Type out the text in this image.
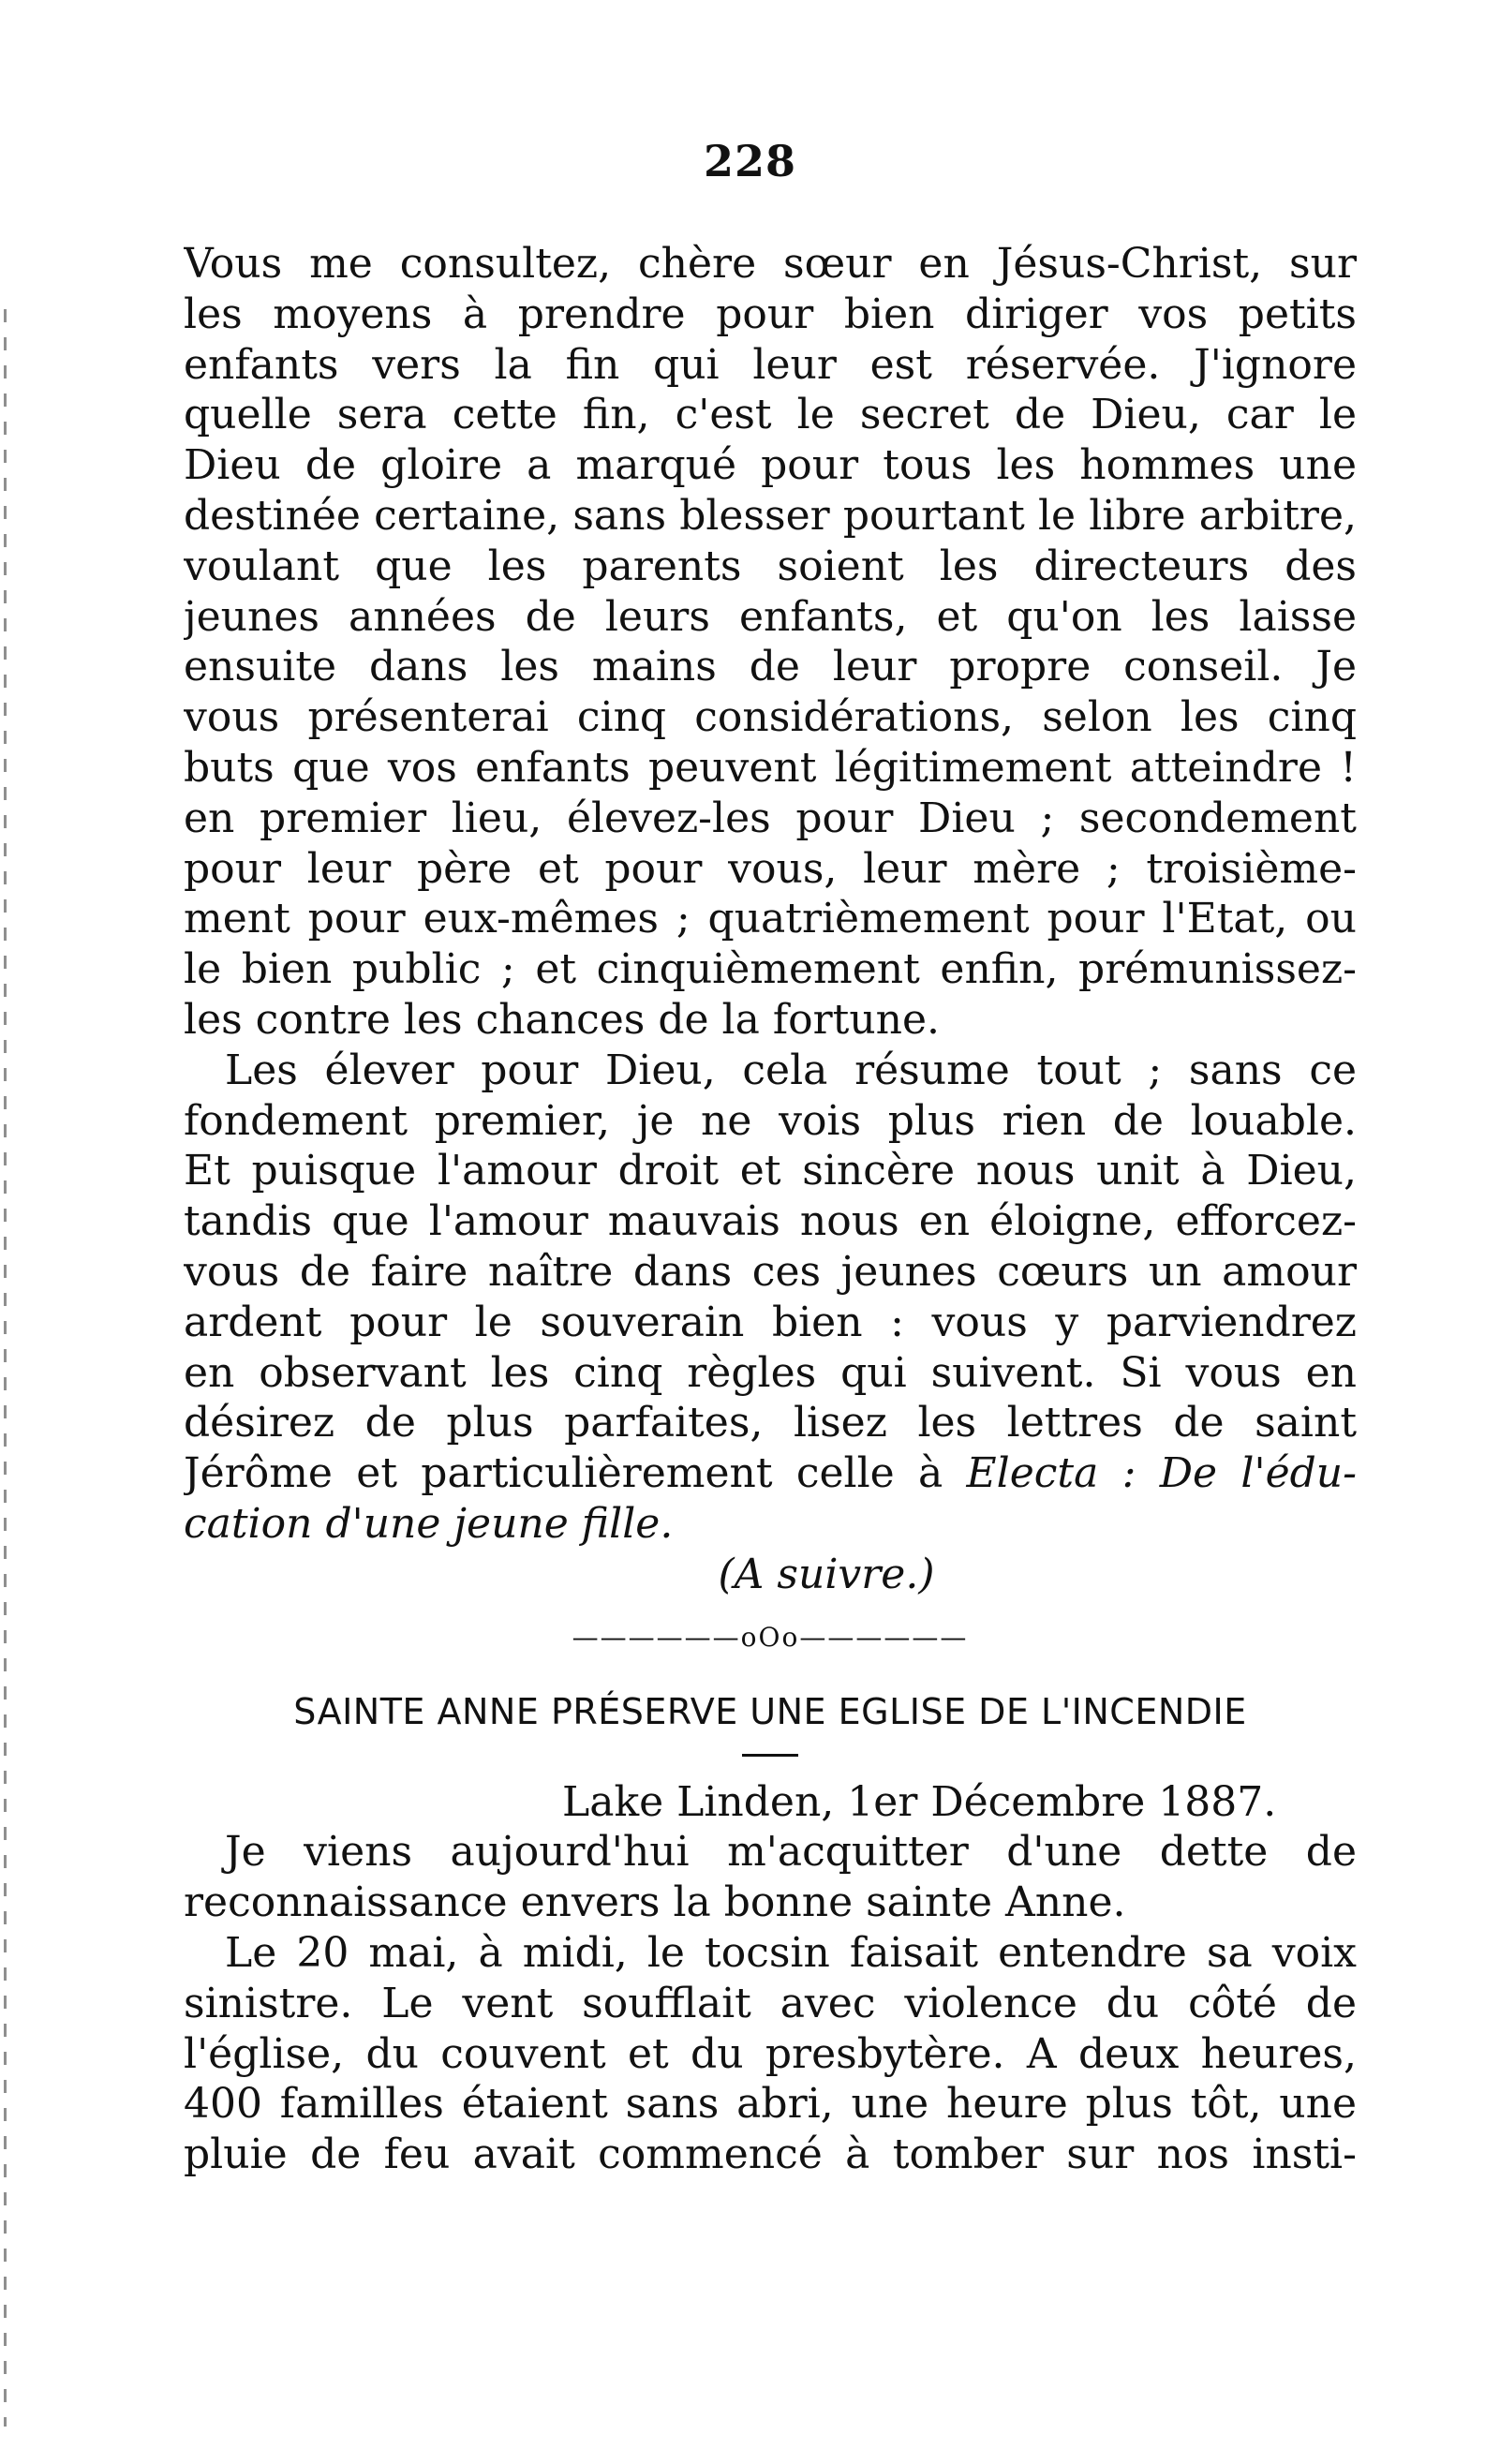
228
Vous me consultez, chère sœur en Jésus-Christ, sur
les moyens à prendre pour bien diriger vos petits
enfants vers la fin qui leur est réservée. J'ignore
quelle sera cette fin, c'est le secret de Dieu, car le
Dieu de gloire a marqué pour tous les hommes une
destinée certaine, sans blesser pourtant le libre arbitre,
voulant que les parents soient les directeurs des
jeunes années de leurs enfants, et qu'on les laisse
ensuite dans les mains de leur propre conseil. Je
vous présenterai cinq considérations, selon les cinq
buts que vos enfants peuvent légitimement atteindre !
en premier lieu, élevez-les pour Dieu ; secondement
pour leur père et pour vous, leur mère ; troisième-
ment pour eux-mêmes ; quatrièmement pour l'Etat, ou
le bien public ; et cinquièmement enfin, prémunissez-
les contre les chances de la fortune.
Les élever pour Dieu, cela résume tout ; sans ce
fondement premier, je ne vois plus rien de louable.
Et puisque l'amour droit et sincère nous unit à Dieu,
tandis que l'amour mauvais nous en éloigne, efforcez-
vous de faire naître dans ces jeunes cœurs un amour
ardent pour le souverain bien : vous y parviendrez
en observant les cinq règles qui suivent. Si vous en
désirez de plus parfaites, lisez les lettres de saint
Jérôme et particulièrement celle à Electa : De l'édu-
cation d'une jeune fille.
(A suivre.)
——————oOo——————
SAINTE ANNE PRÉSERVE UNE EGLISE DE L'INCENDIE
Lake Linden, 1er Décembre 1887.
Je viens aujourd'hui m'acquitter d'une dette de
reconnaissance envers la bonne sainte Anne.
Le 20 mai, à midi, le tocsin faisait entendre sa voix
sinistre. Le vent soufflait avec violence du côté de
l'église, du couvent et du presbytère. A deux heures,
400 familles étaient sans abri, une heure plus tôt, une
pluie de feu avait commencé à tomber sur nos insti-
